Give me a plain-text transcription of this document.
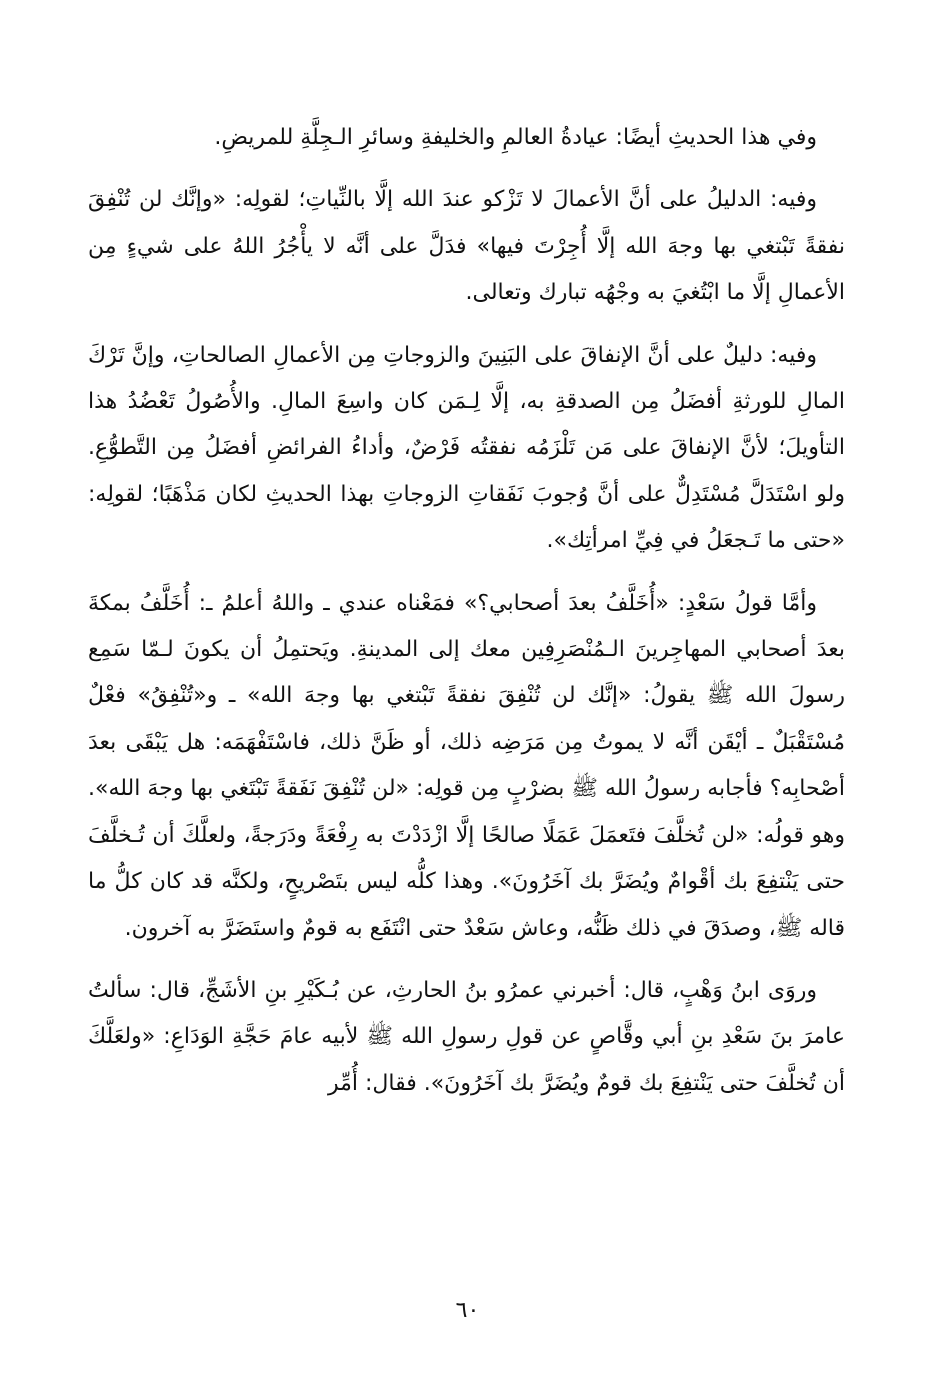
وفي هذا الحديثِ أيضًا: عيادةُ العالمِ والخليفةِ وسائرِ الـجِلَّةِ للمريضِ.

وفيه: الدليلُ على أنَّ الأعمالَ لا تَزْكو عندَ الله إلَّا بالنِّياتِ؛ لقولِه: «وإنَّك لن تُنْفِقَ نفقةً تَبْتغي بها وجهَ الله إلَّا أُجِرْتَ فيها» فدَلَّ على أنَّه لا يأْجُرُ اللهُ على شيءٍ مِن الأعمالِ إلَّا ما ابْتُغيَ به وجْهُه تبارك وتعالى.

وفيه: دليلٌ على أنَّ الإنفاقَ على البَنِينَ والزوجاتِ مِن الأعمالِ الصالحاتِ، وإنَّ تَرْكَ المالِ للورثةِ أفضَلُ مِن الصدقةِ به، إلَّا لِـمَن كان واسِعَ المالِ. والأُصُولُ تَعْضُدُ هذا التأويلَ؛ لأنَّ الإنفاقَ على مَن تَلْزَمُه نفقتُه فَرْضٌ، وأداءُ الفرائضِ أفضَلُ مِن التَّطوُّعِ. ولو اسْتَدَلَّ مُسْتَدِلٌّ على أنَّ وُجوبَ نَفَقاتِ الزوجاتِ بهذا الحديثِ لكان مَذْهَبًا؛ لقولِه: «حتى ما تَـجعَلُ في فِيِّ امرأتِك».

وأمَّا قولُ سَعْدٍ: «أُخَلَّفُ بعدَ أصحابي؟» فمَعْناه عندي ـ واللهُ أعلمُ ـ: أُخَلَّفُ بمكةَ بعدَ أصحابي المهاجِرينَ الـمُنْصَرِفِين معك إلى المدينةِ. ويَحتمِلُ أن يكونَ لـمّا سَمِع رسولَ الله ﷺ يقولُ: «إنَّك لن تُنْفِقَ نفقةً تَبْتغي بها وجهَ الله» ـ و«تُنْفِقُ» فعْلٌ مُسْتَقْبَلٌ ـ أيْقَن أنَّه لا يموتُ مِن مَرَضِه ذلك، أو ظَنَّ ذلك، فاسْتَفْهَمَه: هل يَبْقَى بعدَ أصْحابِه؟ فأجابه رسولُ الله ﷺ بضرْبٍ مِن قولِه: «لن تُنْفِقَ نَفَقةً تَبْتَغي بها وجهَ الله». وهو قولُه: «لن تُخلَّفَ فتَعمَلَ عَمَلًا صالحًا إلَّا ازْدَدْتَ به رِفْعَةً ودَرَجةً، ولعلَّكَ أن تُـخلَّفَ حتى يَنْتفِعَ بك أقْوامٌ ويُضَرَّ بك آخَرُونَ». وهذا كلُّه ليس بتَصْريحٍ، ولكنَّه قد كان كلُّ ما قاله ﷺ، وصدَقَ في ذلك ظَنُّه، وعاش سَعْدٌ حتى انْتَفَع به قومٌ واستَضَرَّ به آخرون.

وروَى ابنُ وَهْبٍ، قال: أخبرني عمرُو بنُ الحارثِ، عن بُـكَيْرِ بنِ الأشَجِّ، قال: سألتُ عامرَ بنَ سَعْدِ بنِ أبي وقَّاصٍ عن قولِ رسولِ الله ﷺ لأبيه عامَ حَجَّةِ الوَدَاعِ: «ولعَلَّكَ أن تُخلَّفَ حتى يَنْتفِعَ بك قومٌ ويُضَرَّ بك آخَرُونَ». فقال: أُمِّر

٦٠
